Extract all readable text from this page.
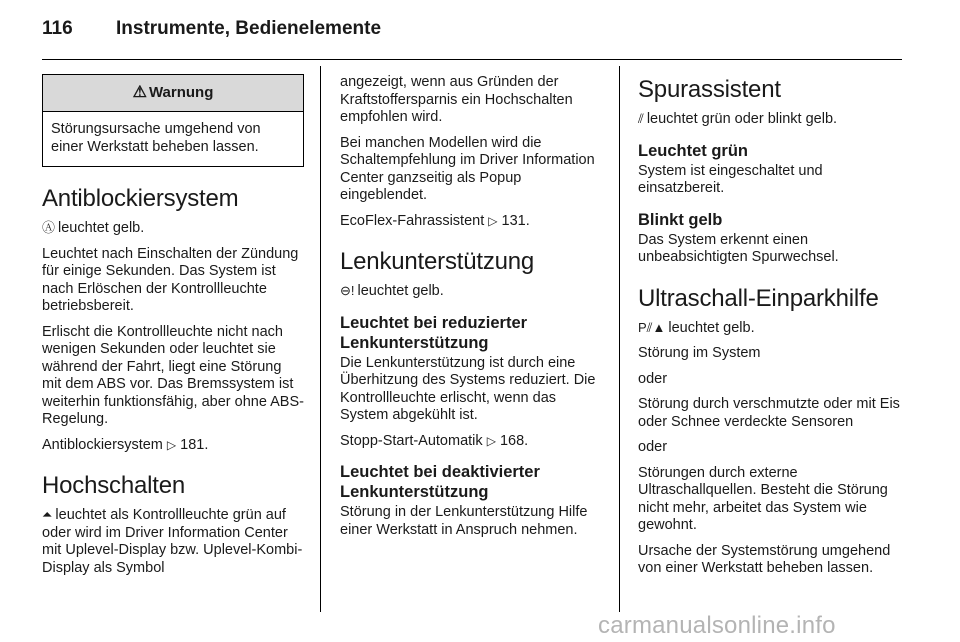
116	Instrumente, Bedienelemente
⚠ Warnung
Störungsursache umgehend von einer Werkstatt beheben lassen.
Antiblockiersystem

Ⓐ leuchtet gelb.

Leuchtet nach Einschalten der Zündung für einige Sekunden. Das System ist nach Erlöschen der Kontrollleuchte betriebsbereit.

Erlischt die Kontrollleuchte nicht nach wenigen Sekunden oder leuchtet sie während der Fahrt, liegt eine Störung mit dem ABS vor. Das Bremssystem ist weiterhin funktionsfähig, aber ohne ABS-Regelung.

Antiblockiersystem ▷ 181.

Hochschalten

⏶ leuchtet als Kontrollleuchte grün auf oder wird im Driver Information Center mit Uplevel-Display bzw. Uplevel-Kombi-Display als Symbol

angezeigt, wenn aus Gründen der Kraftstoffersparnis ein Hochschalten empfohlen wird.

Bei manchen Modellen wird die Schaltempfehlung im Driver Information Center ganzseitig als Popup eingeblendet.

EcoFlex-Fahrassistent ▷ 131.

Lenkunterstützung

⊖! leuchtet gelb.

Leuchtet bei reduzierter Lenkunterstützung

Die Lenkunterstützung ist durch eine Überhitzung des Systems reduziert. Die Kontrollleuchte erlischt, wenn das System abgekühlt ist.

Stopp-Start-Automatik ▷ 168.

Leuchtet bei deaktivierter Lenkunterstützung

Störung in der Lenkunterstützung Hilfe einer Werkstatt in Anspruch nehmen.

Spurassistent

⫽ leuchtet grün oder blinkt gelb.

Leuchtet grün

System ist eingeschaltet und einsatzbereit.

Blinkt gelb

Das System erkennt einen unbeabsichtigten Spurwechsel.

Ultraschall-Einparkhilfe

P⫽▲ leuchtet gelb.

Störung im System

oder

Störung durch verschmutzte oder mit Eis oder Schnee verdeckte Sensoren

oder

Störungen durch externe Ultraschallquellen. Besteht die Störung nicht mehr, arbeitet das System wie gewohnt.

Ursache der Systemstörung umgehend von einer Werkstatt beheben lassen.

carmanualsonline.info
